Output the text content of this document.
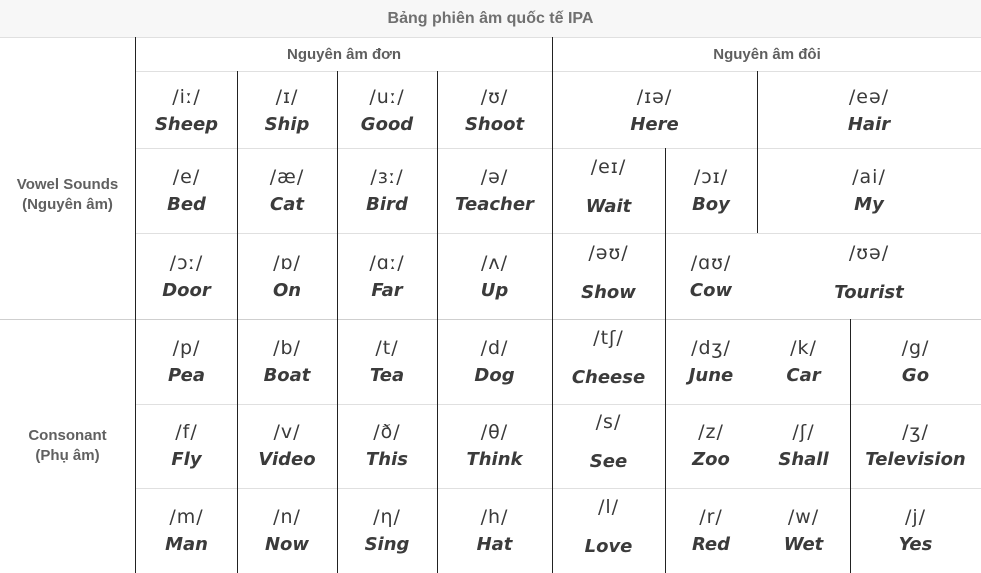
Bảng phiên âm quốc tế IPA
Nguyên âm đơn	Nguyên âm đôi
Vowel Sounds (Nguyên âm)
Consonant (Phụ âm)
/iː/
Sheep
/ɪ/
Ship
/uː/
Good
/ʊ/
Shoot
/ɪə/
Here
/eə/
Hair
/e/
Bed
/æ/
Cat
/ɜː/
Bird
/ə/
Teacher
/eɪ/
Wait
/ɔɪ/
Boy
/ai/
My
/ɔː/
Door
/ɒ/
On
/ɑː/
Far
/ʌ/
Up
/əʊ/
Show
/ɑʊ/
Cow
/ʊə/
Tourist
/p/
Pea
/b/
Boat
/t/
Tea
/d/
Dog
/tʃ/
Cheese
/dʒ/
June
/k/
Car
/g/
Go
/f/
Fly
/v/
Video
/ð/
This
/θ/
Think
/s/
See
/z/
Zoo
/ʃ/
Shall
/ʒ/
Television
/m/
Man
/n/
Now
/η/
Sing
/h/
Hat
/l/
Love
/r/
Red
/w/
Wet
/j/
Yes
